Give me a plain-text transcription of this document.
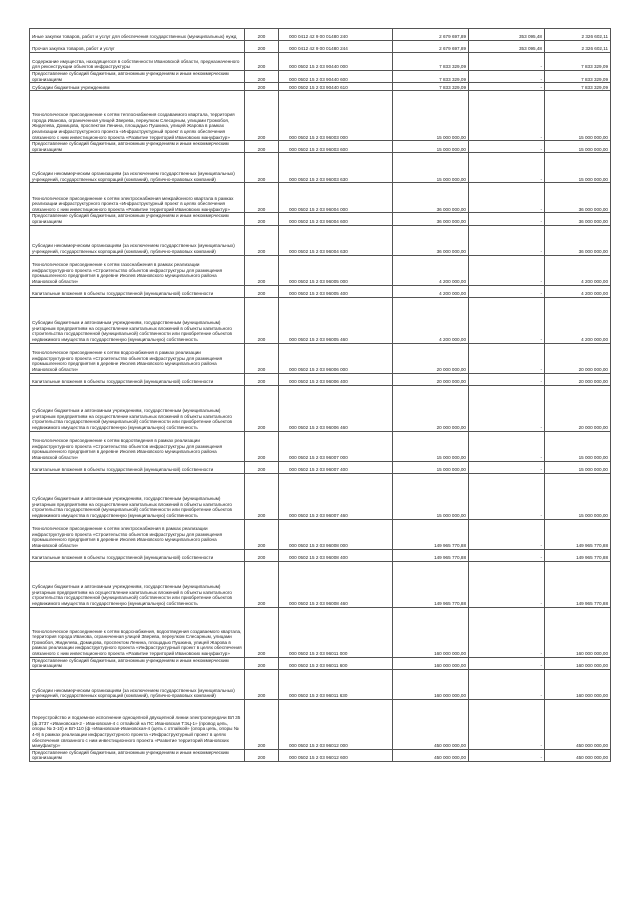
Иные закупки товаров, работ и услуг для обеспечения государственных (муниципальных) нужд	200	000 0412 42 9 00 01480 240	2 679 697,89	353 095,48	2 326 602,11
Прочая закупка товаров, работ и услуг	200	000 0412 42 9 00 01480 244	2 679 697,89	353 095,48	2 326 602,11
Содержание имущества, находящегося в собственности Ивановской области, предназначенного для реконструкции объектов инфраструктуры	200	000 0502 15 2 03 90440 000	7 833 329,09	-	7 833 329,09
Предоставление субсидий бюджетным, автономным учреждениям и иным некоммерческим организациям	200	000 0502 15 2 03 90440 600	7 833 329,09	-	7 833 329,09
Субсидии бюджетным учреждениям	200	000 0502 15 2 03 90440 610	7 833 329,09	-	7 833 329,09
Технологическое присоединение к сетям теплоснабжения создаваемого квартала, территория города Иванова, ограниченная улицей Зверева, переулком Слесарным, улицами Громобоя, Жиделева, Домицова, проспектом Ленина, площадью Пушкина, улицей Жарова в рамках реализации инфраструктурного проекта «Инфраструктурный проект в целях обеспечения связанного с ним инвестиционного проекта «Развитие территорий Ивановских мануфактур»	200	000 0502 15 2 03 96003 000	15 000 000,00	-	15 000 000,00
Предоставление субсидий бюджетным, автономным учреждениям и иным некоммерческим организациям	200	000 0502 15 2 03 96003 600	15 000 000,00	-	15 000 000,00
Субсидии некоммерческим организациям (за исключением государственных (муниципальных) учреждений, государственных корпораций (компаний), публично-правовых компаний)	200	000 0502 15 2 03 96003 630	15 000 000,00	-	15 000 000,00
Технологическое присоединение к сетям электроснабжения межрайонного квартала в рамках реализации инфраструктурного проекта «Инфраструктурный проект в целях обеспечения связанного с ним инвестиционного проекта «Развитие территорий Ивановских мануфактур»	200	000 0502 15 2 03 96004 000	36 000 000,00	-	36 000 000,00
Предоставление субсидий бюджетным, автономным учреждениям и иным некоммерческим организациям	200	000 0502 15 2 03 96004 600	36 000 000,00	-	36 000 000,00
Субсидии некоммерческим организациям (за исключением государственных (муниципальных) учреждений, государственных корпораций (компаний), публично-правовых компаний)	200	000 0502 15 2 03 96004 630	36 000 000,00	-	36 000 000,00
Технологическое присоединение к сетям газоснабжения в рамках реализации инфраструктурного проекта «Строительство объектов инфраструктуры для размещения промышленного предприятия в деревне Инолев Ивановского муниципального района Ивановской области»	200	000 0502 15 2 03 96005 000	4 200 000,00	-	4 200 000,00
Капитальные вложения в объекты государственной (муниципальной) собственности	200	000 0502 15 2 03 96005 400	4 200 000,00	-	4 200 000,00
Субсидии бюджетным и автономным учреждениям, государственным (муниципальным) унитарным предприятиям на осуществление капитальных вложений в объекты капитального строительства государственной (муниципальной) собственности или приобретение объектов недвижимого имущества в государственную (муниципальную) собственность	200	000 0502 15 2 03 96005 460	4 200 000,00	-	4 200 000,00
Технологическое присоединение к сетям водоснабжения в рамках реализации инфраструктурного проекта «Строительство объектов инфраструктуры для размещения промышленного предприятия в деревне Инолев Ивановского муниципального района Ивановской области»	200	000 0502 15 2 03 96006 000	20 000 000,00	-	20 000 000,00
Капитальные вложения в объекты государственной (муниципальной) собственности	200	000 0502 15 2 03 96006 400	20 000 000,00	-	20 000 000,00
Субсидии бюджетным и автономным учреждениям, государственным (муниципальным) унитарным предприятиям на осуществление капитальных вложений в объекты капитального строительства государственной (муниципальной) собственности или приобретение объектов недвижимого имущества в государственную (муниципальную) собственность	200	000 0502 15 2 03 96006 460	20 000 000,00	-	20 000 000,00
Технологическое присоединение к сетям водоотведения в рамках реализации инфраструктурного проекта «Строительство объектов инфраструктуры для размещения промышленного предприятия в деревне Инолев Ивановского муниципального района Ивановской области»	200	000 0502 15 2 03 96007 000	15 000 000,00	-	15 000 000,00
Капитальные вложения в объекты государственной (муниципальной) собственности	200	000 0502 15 2 03 96007 400	15 000 000,00	-	15 000 000,00
Субсидии бюджетным и автономным учреждениям, государственным (муниципальным) унитарным предприятиям на осуществление капитальных вложений в объекты капитального строительства государственной (муниципальной) собственности или приобретение объектов недвижимого имущества в государственную (муниципальную) собственность	200	000 0502 15 2 03 96007 460	15 000 000,00	-	15 000 000,00
Технологическое присоединение к сетям электроснабжения в рамках реализации инфраструктурного проекта «Строительство объектов инфраструктуры для размещения промышленного предприятия в деревне Инолев Ивановского муниципального района Ивановской области»	200	000 0502 15 2 03 96008 000	149 965 770,88	-	149 965 770,88
Капитальные вложения в объекты государственной (муниципальной) собственности	200	000 0502 15 2 03 96008 400	149 965 770,88	-	149 965 770,88
Субсидии бюджетным и автономным учреждениям, государственным (муниципальным) унитарным предприятиям на осуществление капитальных вложений в объекты капитального строительства государственной (муниципальной) собственности или приобретение объектов недвижимого имущества в государственную (муниципальную) собственность	200	000 0502 15 2 03 96008 460	149 965 770,88	-	149 965 770,88
Технологическое присоединение к сетям водоснабжения, водоотведения создаваемого квартала, территория города Иванова, ограниченная улицей Зверева, переулком Слесарным, улицами Громобоя, Жиделева, Домицова, проспектом Ленина, площадью Пушкина, улицей Жарова в рамках реализации инфраструктурного проекта «Инфраструктурный проект в целях обеспечения связанного с ним инвестиционного проекта «Развитие территорий Ивановских мануфактур»	200	000 0502 15 2 03 96011 000	160 000 000,00	-	160 000 000,00
Предоставление субсидий бюджетным, автономным учреждениям и иным некоммерческим организациям	200	000 0502 15 2 03 96011 600	160 000 000,00	-	160 000 000,00
Субсидии некоммерческим организациям (за исключением государственных (муниципальных) учреждений, государственных корпораций (компаний), публично-правовых компаний)	200	000 0502 15 2 03 96011 630	160 000 000,00	-	160 000 000,00
Переустройство и подземное исполнение одноцепной двухцепной линии электропередачи ВЛ 35 (ф.3737 «Ивановская-2 - Ивановская-4 с отпайкой на ПС Ивановская ТЭЦ-1» (провод цепь, опоры № 3-10) и ВЛ-110 (ф «Ивановская-Ивановская-4 (цепь с отпайкой» (опора цепь, опоры № 4-9) в рамках реализации инфраструктурного проекта «Инфраструктурный проект в целях обеспечения связанного с ним инвестиционного проекта «Развитие территорий Ивановских мануфактур»	200	000 0502 15 2 03 96012 000	450 000 000,00	-	450 000 000,00
Предоставление субсидий бюджетным, автономным учреждениям и иным некоммерческим организациям	200	000 0502 15 2 03 96012 600	450 000 000,00	-	450 000 000,00
